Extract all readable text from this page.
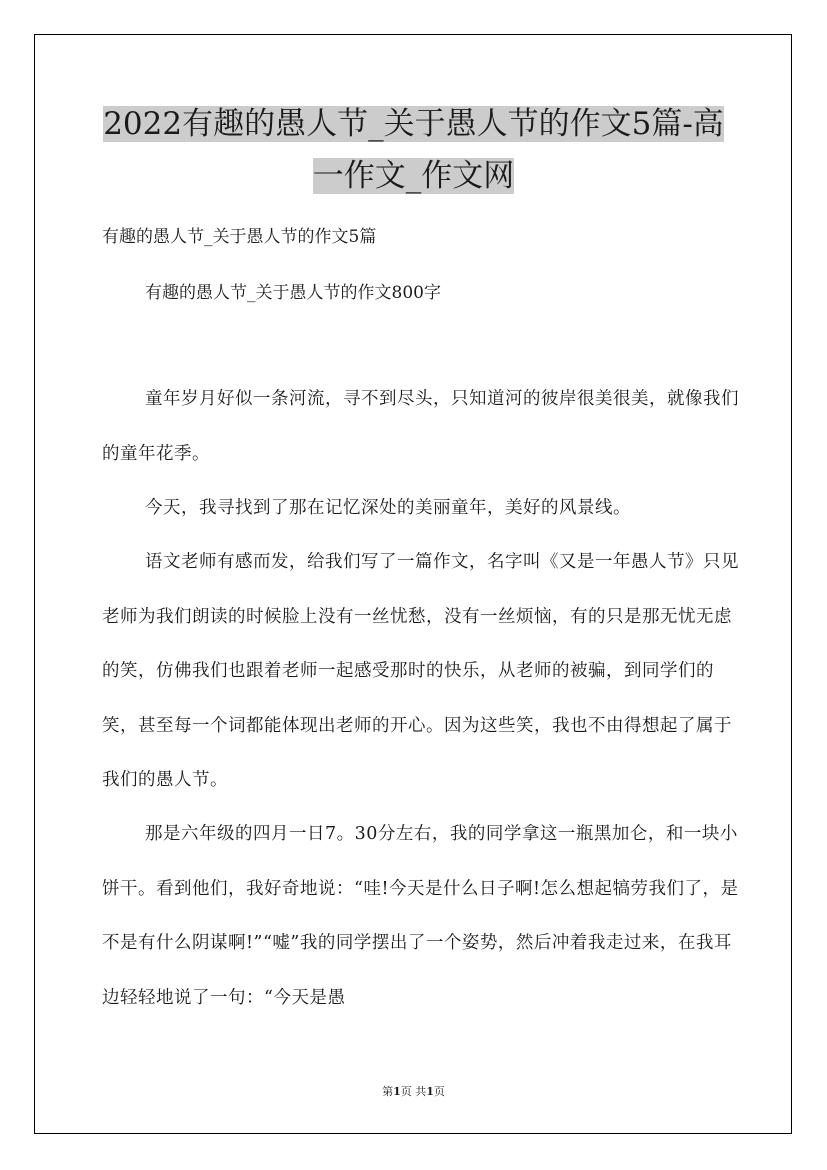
2022有趣的愚人节_关于愚人节的作文5篇-高
一作文_作文网
有趣的愚人节_关于愚人节的作文5篇
有趣的愚人节_关于愚人节的作文800字

童年岁月好似一条河流，寻不到尽头，只知道河的彼岸很美很美，就像我们的童年花季。

今天，我寻找到了那在记忆深处的美丽童年，美好的风景线。

语文老师有感而发，给我们写了一篇作文，名字叫《又是一年愚人节》只见老师为我们朗读的时候脸上没有一丝忧愁，没有一丝烦恼，有的只是那无忧无虑的笑，仿佛我们也跟着老师一起感受那时的快乐，从老师的被骗，到同学们的笑，甚至每一个词都能体现出老师的开心。因为这些笑，我也不由得想起了属于我们的愚人节。

那是六年级的四月一日7。30分左右，我的同学拿这一瓶黑加仑，和一块小饼干。看到他们，我好奇地说：“哇!今天是什么日子啊!怎么想起犒劳我们了，是不是有什么阴谋啊!”“嘘”我的同学摆出了一个姿势，然后冲着我走过来，在我耳边轻轻地说了一句：“今天是愚

第1页 共1页
